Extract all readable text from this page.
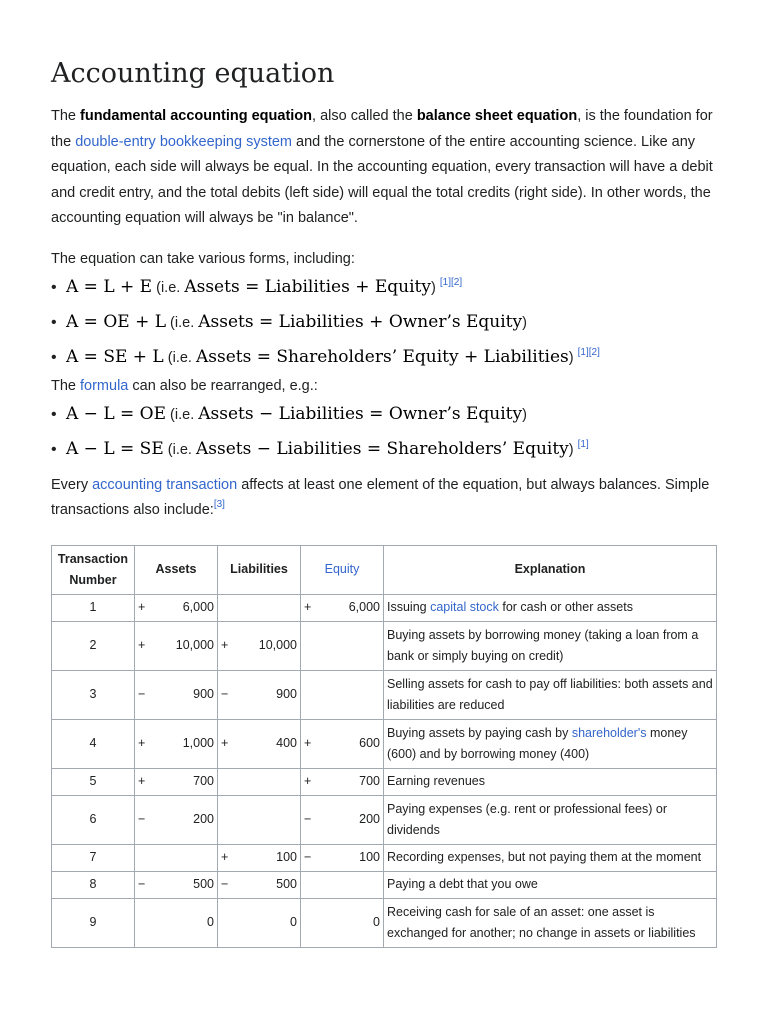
Accounting equation

The fundamental accounting equation, also called the balance sheet equation, is the foundation for the double-entry bookkeeping system and the cornerstone of the entire accounting science. Like any equation, each side will always be equal. In the accounting equation, every transaction will have a debit and credit entry, and the total debits (left side) will equal the total credits (right side). In other words, the accounting equation will always be "in balance".

The equation can take various forms, including:

• A = L + E (i.e. Assets = Liabilities + Equity) [1][2]
• A = OE + L (i.e. Assets = Liabilities + Owner’s Equity)
• A = SE + L (i.e. Assets = Shareholders’ Equity + Liabilities) [1][2]

The formula can also be rearranged, e.g.:

• A − L = OE (i.e. Assets − Liabilities = Owner’s Equity)
• A − L = SE (i.e. Assets − Liabilities = Shareholders’ Equity) [1]

Every accounting transaction affects at least one element of the equation, but always balances. Simple transactions also include:[3]

Transaction Number	Assets	Liabilities	Equity	Explanation
1	+ 6,000		+ 6,000	Issuing capital stock for cash or other assets
2	+ 10,000	+ 10,000		Buying assets by borrowing money (taking a loan from a bank or simply buying on credit)
3	− 900	− 900		Selling assets for cash to pay off liabilities: both assets and liabilities are reduced
4	+ 1,000	+ 400	+ 600	Buying assets by paying cash by shareholder's money (600) and by borrowing money (400)
5	+ 700		+ 700	Earning revenues
6	− 200		− 200	Paying expenses (e.g. rent or professional fees) or dividends
7		+ 100	− 100	Recording expenses, but not paying them at the moment
8	− 500	− 500		Paying a debt that you owe
9	0	0	0	Receiving cash for sale of an asset: one asset is exchanged for another; no change in assets or liabilities
